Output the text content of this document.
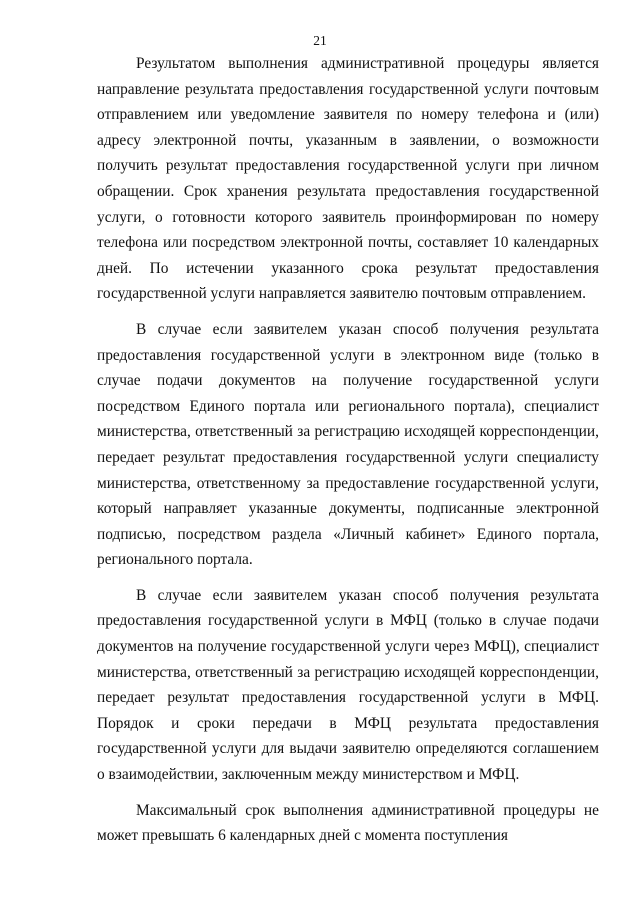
21

Результатом выполнения административной процедуры является направление результата предоставления государственной услуги почтовым отправлением или уведомление заявителя по номеру телефона и (или) адресу электронной почты, указанным в заявлении, о возможности получить результат предоставления государственной услуги при личном обращении. Срок хранения результата предоставления государственной услуги, о готовности которого заявитель проинформирован по номеру телефона или посредством электронной почты, составляет 10 календарных дней. По истечении указанного срока результат предоставления государственной услуги направляется заявителю почтовым отправлением.

В случае если заявителем указан способ получения результата предоставления государственной услуги в электронном виде (только в случае подачи документов на получение государственной услуги посредством Единого портала или регионального портала), специалист министерства, ответственный за регистрацию исходящей корреспонденции, передает результат предоставления государственной услуги специалисту министерства, ответственному за предоставление государственной услуги, который направляет указанные документы, подписанные электронной подписью, посредством раздела «Личный кабинет» Единого портала, регионального портала.

В случае если заявителем указан способ получения результата предоставления государственной услуги в МФЦ (только в случае подачи документов на получение государственной услуги через МФЦ), специалист министерства, ответственный за регистрацию исходящей корреспонденции, передает результат предоставления государственной услуги в МФЦ. Порядок и сроки передачи в МФЦ результата предоставления государственной услуги для выдачи заявителю определяются соглашением о взаимодействии, заключенным между министерством и МФЦ.

Максимальный срок выполнения административной процедуры не может превышать 6 календарных дней с момента поступления
